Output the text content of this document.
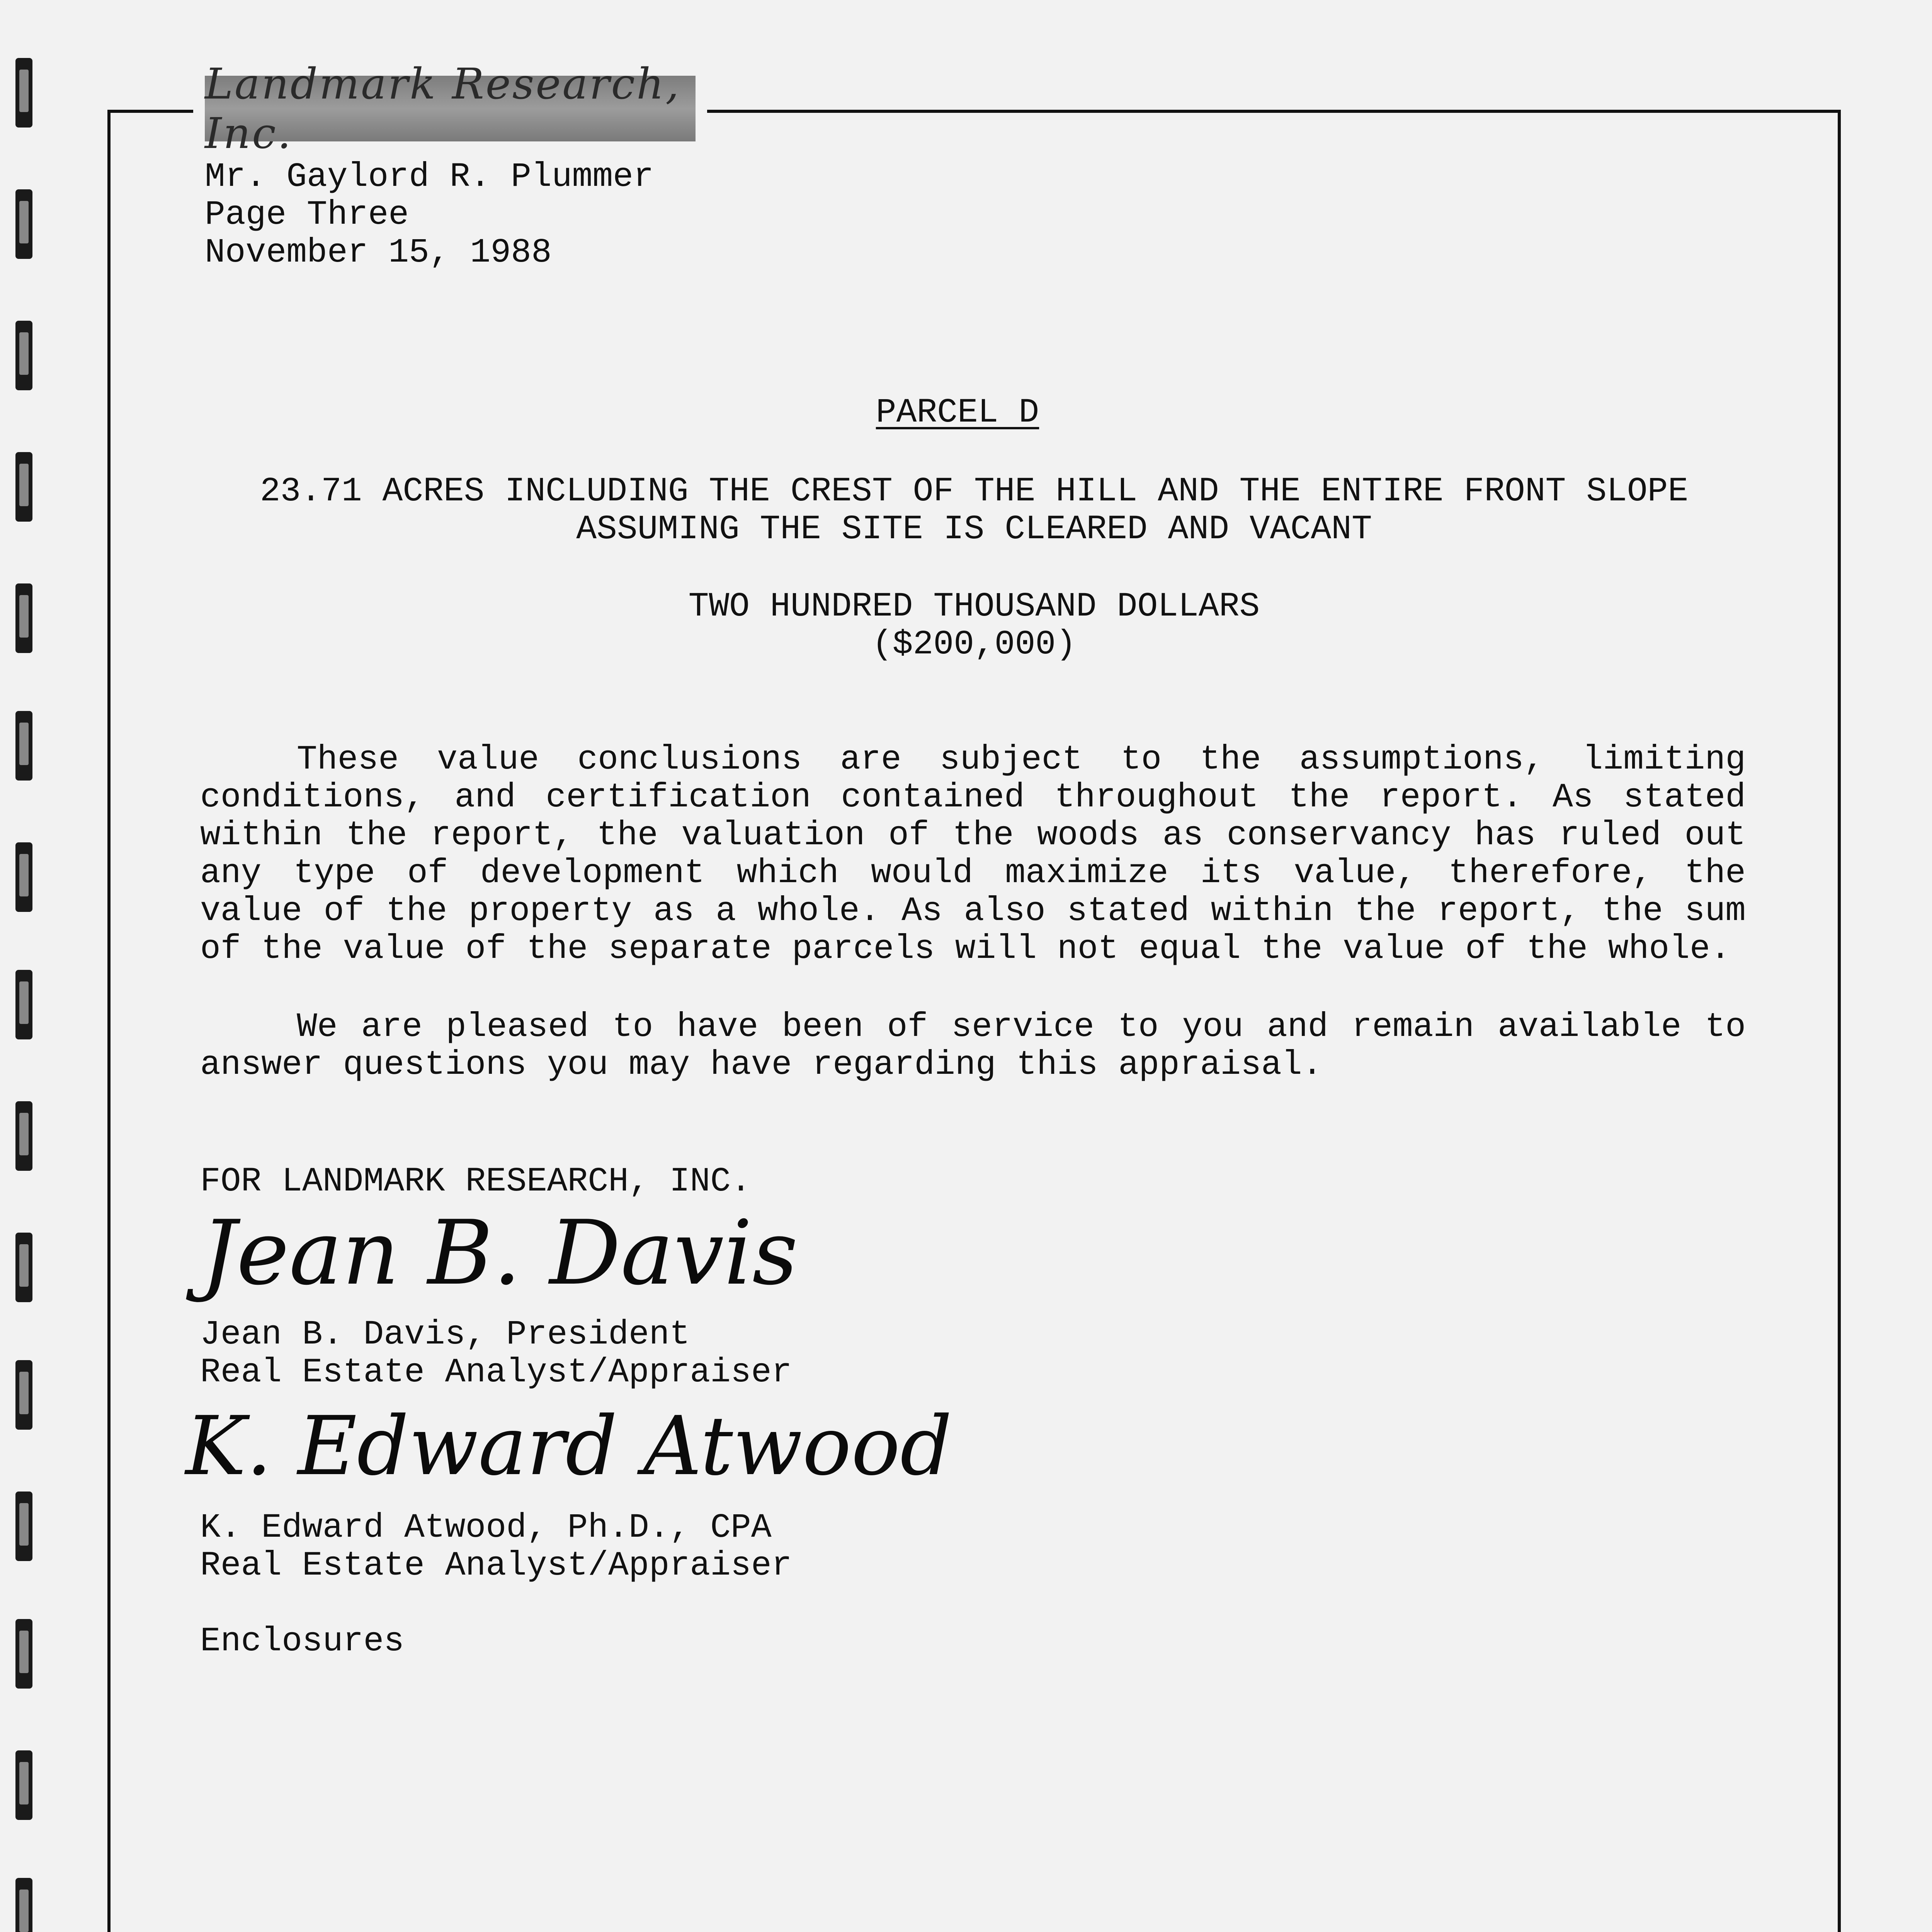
Landmark Research, Inc.
Mr. Gaylord R. Plummer
Page Three
November 15, 1988
PARCEL D
23.71 ACRES INCLUDING THE CREST OF THE HILL AND THE ENTIRE FRONT SLOPE
ASSUMING THE SITE IS CLEARED AND VACANT
TWO HUNDRED THOUSAND DOLLARS
($200,000)
These value conclusions are subject to the assumptions, limiting conditions, and certification contained throughout the report. As stated within the report, the valuation of the woods as conservancy has ruled out any type of development which would maximize its value, therefore, the value of the property as a whole. As also stated within the report, the sum of the value of the separate parcels will not equal the value of the whole.
We are pleased to have been of service to you and remain available to answer questions you may have regarding this appraisal.
FOR LANDMARK RESEARCH, INC.
Jean B. Davis
Jean B. Davis, President
Real Estate Analyst/Appraiser
K. Edward Atwood
K. Edward Atwood, Ph.D., CPA
Real Estate Analyst/Appraiser
Enclosures
